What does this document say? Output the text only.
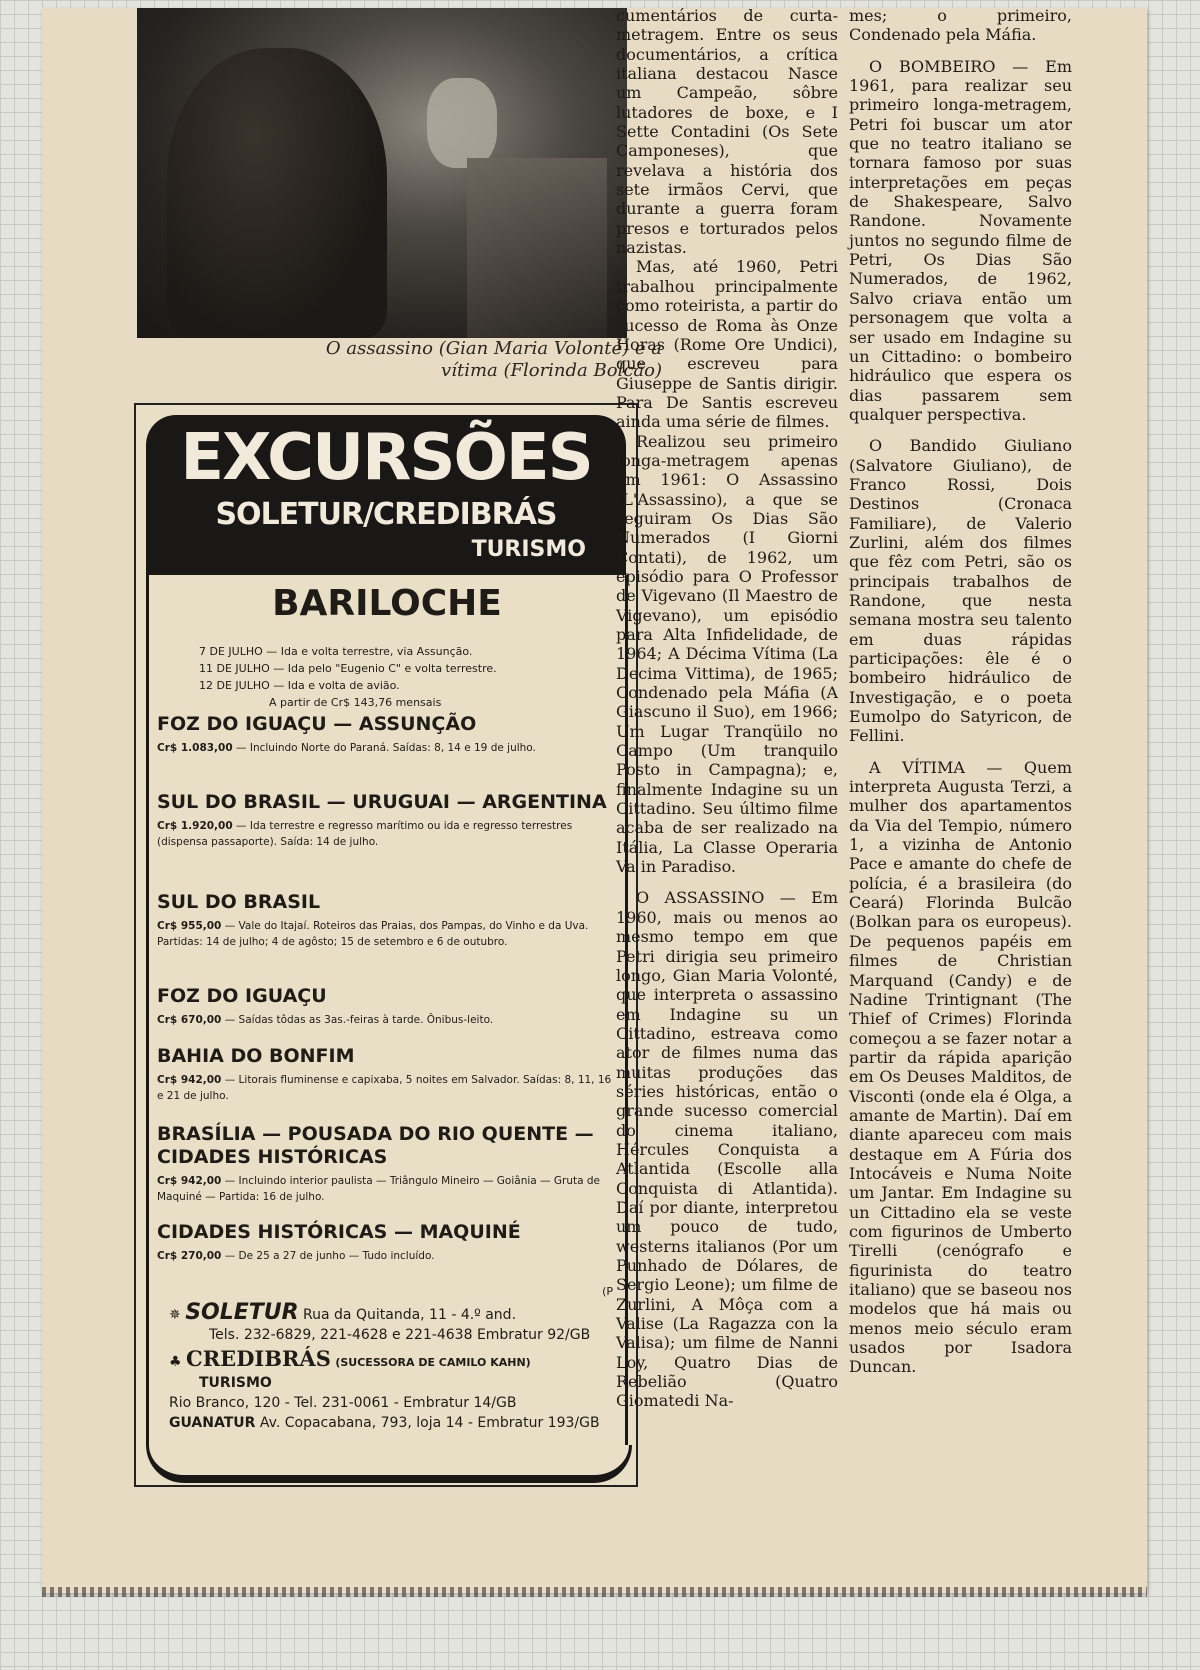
O assassino (Gian Maria Volonté) e a
vítima (Florinda Bolcão)
EXCURSÕES
SOLETUR/CREDIBRÁS
TURISMO
BARILOCHE
7 DE JULHO — Ida e volta terrestre, via Assunção.
11 DE JULHO — Ida pelo "Eugenio C" e volta terrestre.
12 DE JULHO — Ida e volta de avião.
A partir de Cr$ 143,76 mensais
FOZ DO IGUAÇU — ASSUNÇÃO
Cr$ 1.083,00 — Incluindo Norte do Paraná. Saídas: 8, 14 e 19 de julho.
SUL DO BRASIL — URUGUAI — ARGENTINA
Cr$ 1.920,00 — Ida terrestre e regresso marítimo ou ida e regresso terrestres (dispensa passaporte). Saída: 14 de julho.
SUL DO BRASIL
Cr$ 955,00 — Vale do Itajaí. Roteiros das Praias, dos Pampas, do Vinho e da Uva. Partidas: 14 de julho; 4 de agôsto; 15 de setembro e 6 de outubro.
FOZ DO IGUAÇU
Cr$ 670,00 — Saídas tôdas as 3as.-feiras à tarde. Ônibus-leito.
BAHIA DO BONFIM
Cr$ 942,00 — Litorais fluminense e capixaba, 5 noites em Salvador. Saídas: 8, 11, 16 e 21 de julho.
BRASÍLIA — POUSADA DO RIO QUENTE — CIDADES HISTÓRICAS
Cr$ 942,00 — Incluindo interior paulista — Triângulo Mineiro — Goiânia — Gruta de Maquiné — Partida: 16 de julho.
CIDADES HISTÓRICAS — MAQUINÉ
Cr$ 270,00 — De 25 a 27 de junho — Tudo incluído.
(P
✵ SOLETUR Rua da Quitanda, 11 - 4.º and.
Tels. 232-6829, 221-4628 e 221-4638 Embratur 92/GB
♣ CREDIBRÁS (SUCESSORA DE CAMILO KAHN)
TURISMO
Rio Branco, 120 - Tel. 231-0061 - Embratur 14/GB
GUANATUR Av. Copacabana, 793, loja 14 - Embratur 193/GB

cumentários de curta-metragem. Entre os seus documentários, a crítica italiana destacou Nasce um Campeão, sôbre lutadores de boxe, e I Sette Contadini (Os Sete Camponeses), que revelava a história dos sete irmãos Cervi, que durante a guerra foram presos e torturados pelos nazistas.

Mas, até 1960, Petri trabalhou principalmente como roteirista, a partir do sucesso de Roma às Onze Horas (Rome Ore Undici), que escreveu para Giuseppe de Santis dirigir. Para De Santis escreveu ainda uma série de filmes.

Realizou seu primeiro longa-metragem apenas em 1961: O Assassino (L'Assassino), a que se seguiram Os Dias São Numerados (I Giorni Contati), de 1962, um episódio para O Professor de Vigevano (Il Maestro de Vigevano), um episódio para Alta Infidelidade, de 1964; A Décima Vítima (La Decima Vittima), de 1965; Condenado pela Máfia (A Giascuno il Suo), em 1966; Um Lugar Tranqüilo no Campo (Um tranquilo Posto in Campagna); e, finalmente Indagine su un Cittadino. Seu último filme acaba de ser realizado na Itália, La Classe Operaria Va in Paradiso.

O ASSASSINO — Em 1960, mais ou menos ao mesmo tempo em que Petri dirigia seu primeiro longo, Gian Maria Volonté, que interpreta o assassino em Indagine su un Cittadino, estreava como ator de filmes numa das muitas produções das séries históricas, então o grande sucesso comercial do cinema italiano, Hércules Conquista a Atlantida (Escolle alla Conquista di Atlantida). Daí por diante, interpretou um pouco de tudo, westerns italianos (Por um Punhado de Dólares, de Sergio Leone); um filme de Zurlini, A Môça com a Valise (La Ragazza con la Valisa); um filme de Nanni Loy, Quatro Dias de Rebelião (Quatro Giomatedi Na-

mes; o primeiro, Condenado pela Máfia.

O BOMBEIRO — Em 1961, para realizar seu primeiro longa-metragem, Petri foi buscar um ator que no teatro italiano se tornara famoso por suas interpretações em peças de Shakespeare, Salvo Randone. Novamente juntos no segundo filme de Petri, Os Dias São Numerados, de 1962, Salvo criava então um personagem que volta a ser usado em Indagine su un Cittadino: o bombeiro hidráulico que espera os dias passarem sem qualquer perspectiva.

O Bandido Giuliano (Salvatore Giuliano), de Franco Rossi, Dois Destinos (Cronaca Familiare), de Valerio Zurlini, além dos filmes que fêz com Petri, são os principais trabalhos de Randone, que nesta semana mostra seu talento em duas rápidas participações: êle é o bombeiro hidráulico de Investigação, e o poeta Eumolpo do Satyricon, de Fellini.

A VÍTIMA — Quem interpreta Augusta Terzi, a mulher dos apartamentos da Via del Tempio, número 1, a vizinha de Antonio Pace e amante do chefe de polícia, é a brasileira (do Ceará) Florinda Bulcão (Bolkan para os europeus). De pequenos papéis em filmes de Christian Marquand (Candy) e de Nadine Trintignant (The Thief of Crimes) Florinda começou a se fazer notar a partir da rápida aparição em Os Deuses Malditos, de Visconti (onde ela é Olga, a amante de Martin). Daí em diante apareceu com mais destaque em A Fúria dos Intocáveis e Numa Noite um Jantar. Em Indagine su un Cittadino ela se veste com figurinos de Umberto Tirelli (cenógrafo e figurinista do teatro italiano) que se baseou nos modelos que há mais ou menos meio século eram usados por Isadora Duncan.
